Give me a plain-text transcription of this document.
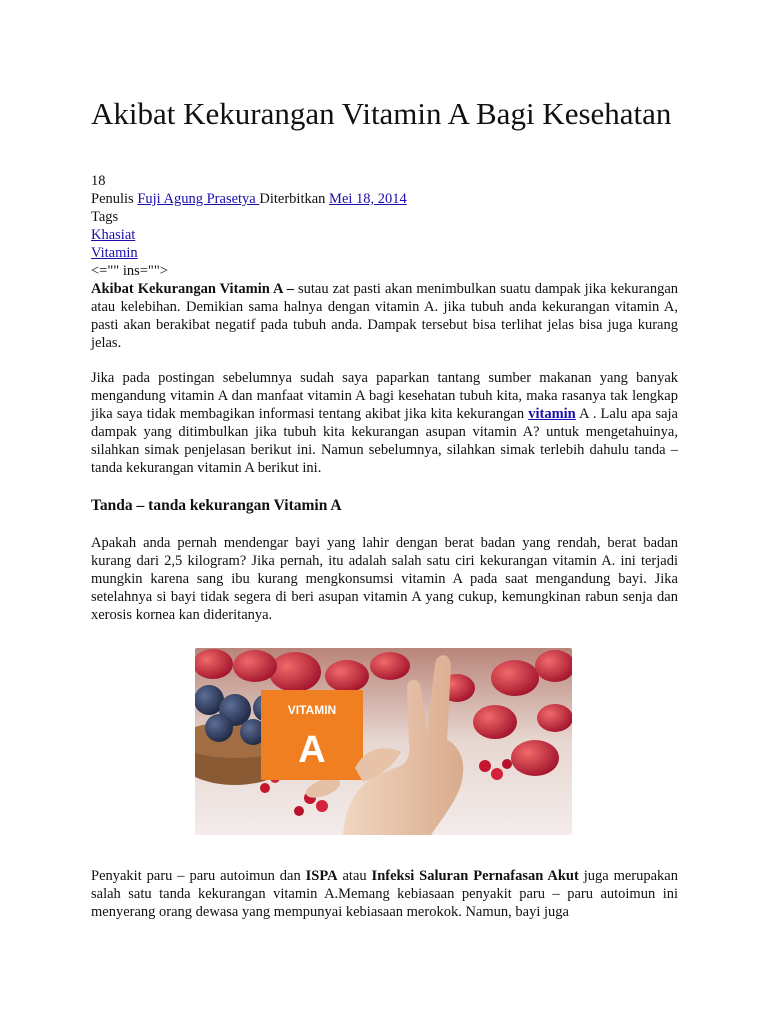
Akibat Kekurangan Vitamin A Bagi Kesehatan
18
Penulis Fuji Agung Prasetya Diterbitkan Mei 18, 2014
Tags
Khasiat
Vitamin
<="" ins="">

Akibat Kekurangan Vitamin A – sutau zat pasti akan menimbulkan suatu dampak jika kekurangan atau kelebihan. Demikian sama halnya dengan vitamin A. jika tubuh anda kekurangan vitamin A, pasti akan berakibat negatif pada tubuh anda. Dampak tersebut bisa terlihat jelas bisa juga kurang jelas.

Jika pada postingan sebelumnya sudah saya paparkan tantang sumber makanan yang banyak mengandung vitamin A dan manfaat vitamin A bagi kesehatan tubuh kita, maka rasanya tak lengkap jika saya tidak membagikan informasi tentang akibat jika kita kekurangan vitamin A . Lalu apa saja dampak yang ditimbulkan jika tubuh kita kekurangan asupan vitamin A? untuk mengetahuinya, silahkan simak penjelasan berikut ini. Namun sebelumnya, silahkan simak terlebih dahulu tanda – tanda kekurangan vitamin A berikut ini.

Tanda – tanda kekurangan Vitamin A

Apakah anda pernah mendengar bayi yang lahir dengan berat badan yang rendah, berat badan kurang dari 2,5 kilogram? Jika pernah, itu adalah salah satu ciri kekurangan vitamin A. ini terjadi mungkin karena sang ibu kurang mengkonsumsi vitamin A pada saat mengandung bayi. Jika setelahnya si bayi tidak segera di beri asupan vitamin A yang cukup, kemungkinan rabun senja dan xerosis kornea kan dideritanya.

VITAMIN
A

Penyakit paru – paru autoimun dan ISPA atau Infeksi Saluran Pernafasan Akut juga merupakan salah satu tanda kekurangan vitamin A.Memang kebiasaan penyakit paru – paru autoimun ini menyerang orang dewasa yang mempunyai kebiasaan merokok. Namun, bayi juga
